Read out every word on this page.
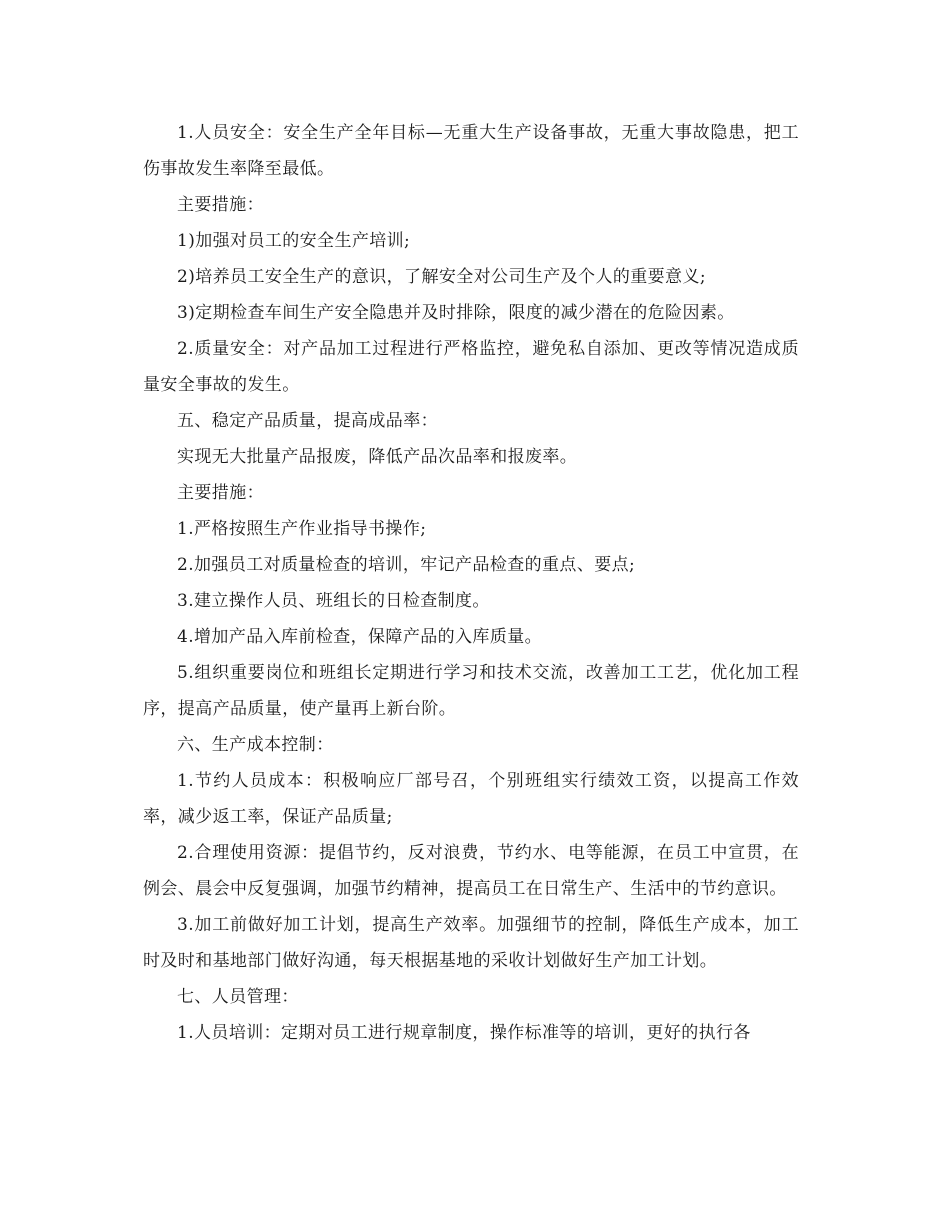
1.人员安全：安全生产全年目标—无重大生产设备事故，无重大事故隐患，把工伤事故发生率降至最低。

主要措施：

1)加强对员工的安全生产培训;

2)培养员工安全生产的意识，了解安全对公司生产及个人的重要意义;

3)定期检查车间生产安全隐患并及时排除，限度的减少潜在的危险因素。

2.质量安全：对产品加工过程进行严格监控，避免私自添加、更改等情况造成质量安全事故的发生。

五、稳定产品质量，提高成品率：

实现无大批量产品报废，降低产品次品率和报废率。

主要措施：

1.严格按照生产作业指导书操作;

2.加强员工对质量检查的培训，牢记产品检查的重点、要点;

3.建立操作人员、班组长的日检查制度。

4.增加产品入库前检查，保障产品的入库质量。

5.组织重要岗位和班组长定期进行学习和技术交流，改善加工工艺，优化加工程序，提高产品质量，使产量再上新台阶。

六、生产成本控制：

1.节约人员成本：积极响应厂部号召，个别班组实行绩效工资，以提高工作效率，减少返工率，保证产品质量;

2.合理使用资源：提倡节约，反对浪费，节约水、电等能源，在员工中宣贯，在例会、晨会中反复强调，加强节约精神，提高员工在日常生产、生活中的节约意识。

3.加工前做好加工计划，提高生产效率。加强细节的控制，降低生产成本，加工时及时和基地部门做好沟通，每天根据基地的采收计划做好生产加工计划。

七、人员管理：

1.人员培训：定期对员工进行规章制度，操作标准等的培训，更好的执行各
